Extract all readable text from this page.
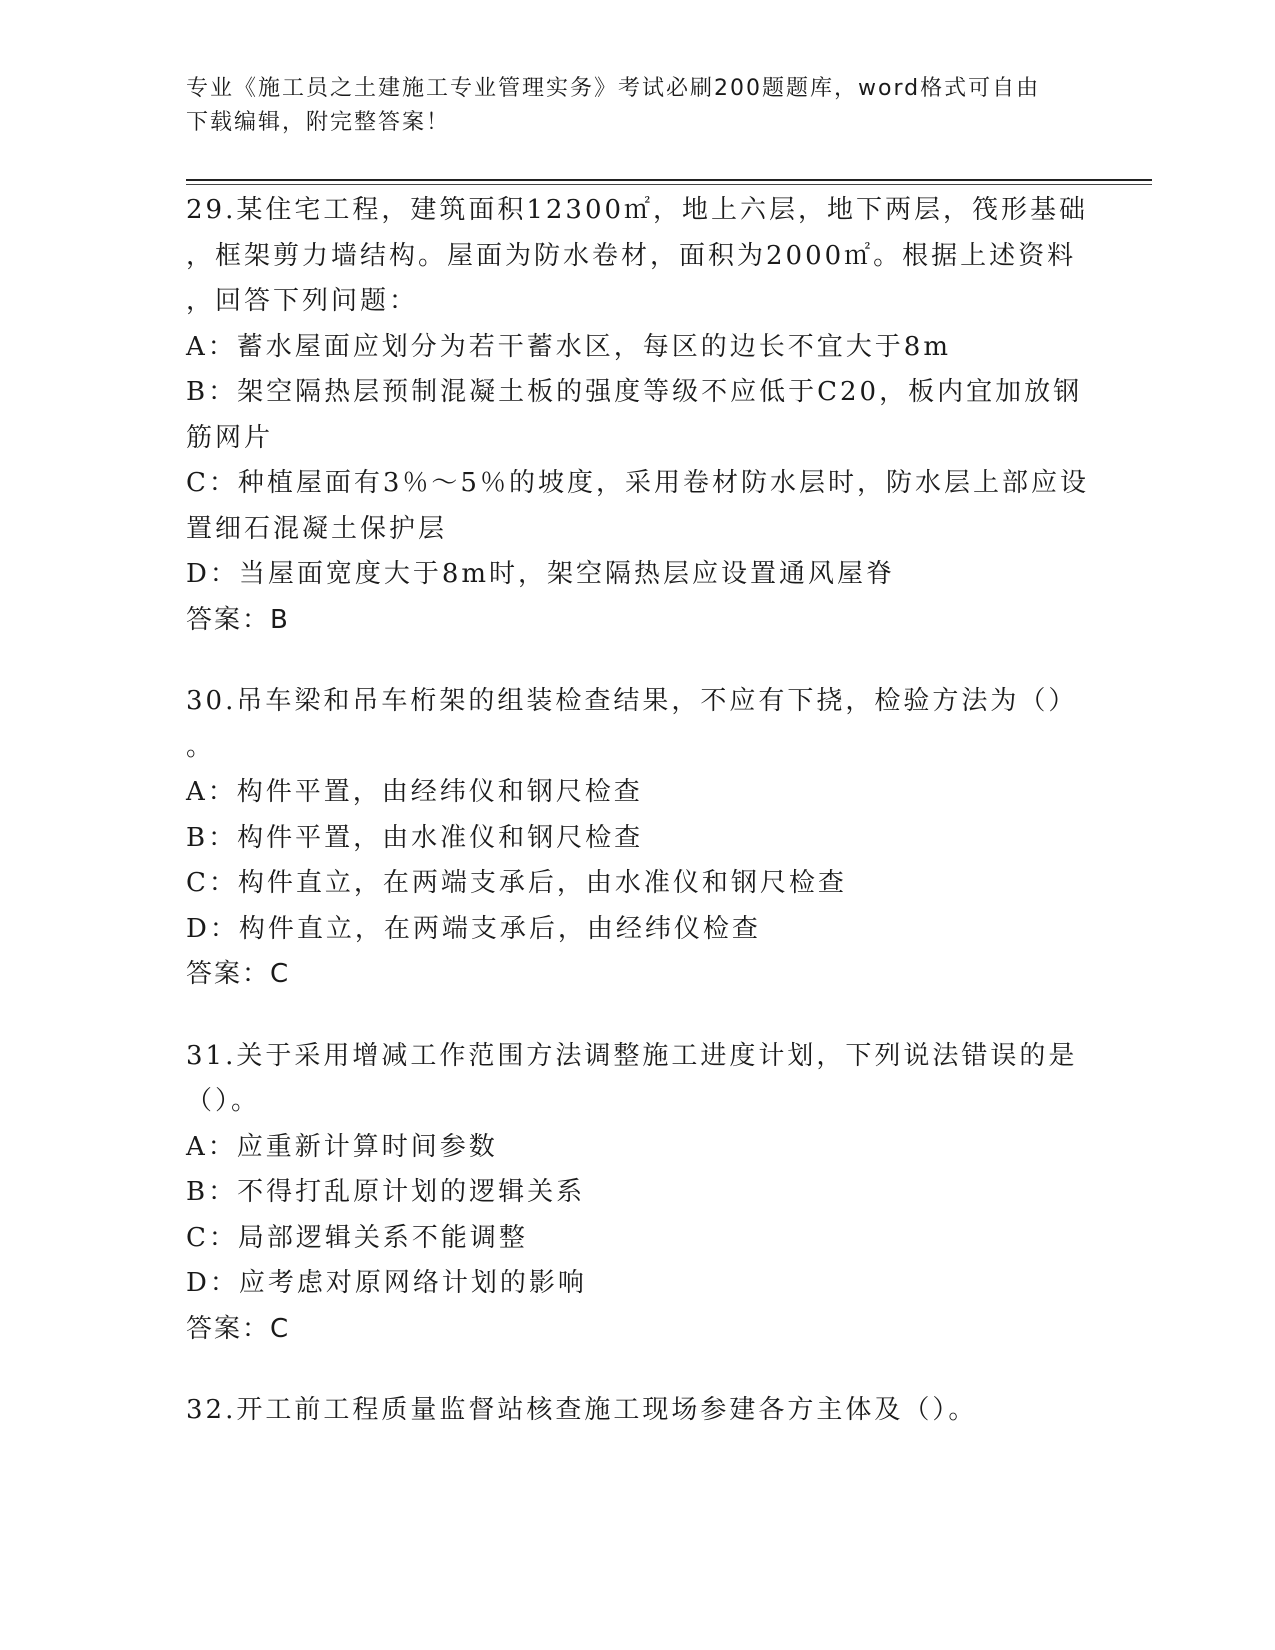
专业《施工员之土建施工专业管理实务》考试必刷200题题库，word格式可自由
下载编辑，附完整答案！
29.某住宅工程，建筑面积12300㎡，地上六层，地下两层，筏形基础
，框架剪力墙结构。屋面为防水卷材，面积为2000㎡。根据上述资料
，回答下列问题：
A：蓄水屋面应划分为若干蓄水区，每区的边长不宜大于8m
B：架空隔热层预制混凝土板的强度等级不应低于C20，板内宜加放钢
筋网片
C：种植屋面有3％～5％的坡度，采用卷材防水层时，防水层上部应设
置细石混凝土保护层
D：当屋面宽度大于8m时，架空隔热层应设置通风屋脊
答案：B
30.吊车梁和吊车桁架的组装检查结果，不应有下挠，检验方法为（）
。
A：构件平置，由经纬仪和钢尺检查
B：构件平置，由水准仪和钢尺检查
C：构件直立，在两端支承后，由水准仪和钢尺检查
D：构件直立，在两端支承后，由经纬仪检查
答案：C
31.关于采用增减工作范围方法调整施工进度计划，下列说法错误的是
（）。
A：应重新计算时间参数
B：不得打乱原计划的逻辑关系
C：局部逻辑关系不能调整
D：应考虑对原网络计划的影响
答案：C
32.开工前工程质量监督站核查施工现场参建各方主体及（）。
